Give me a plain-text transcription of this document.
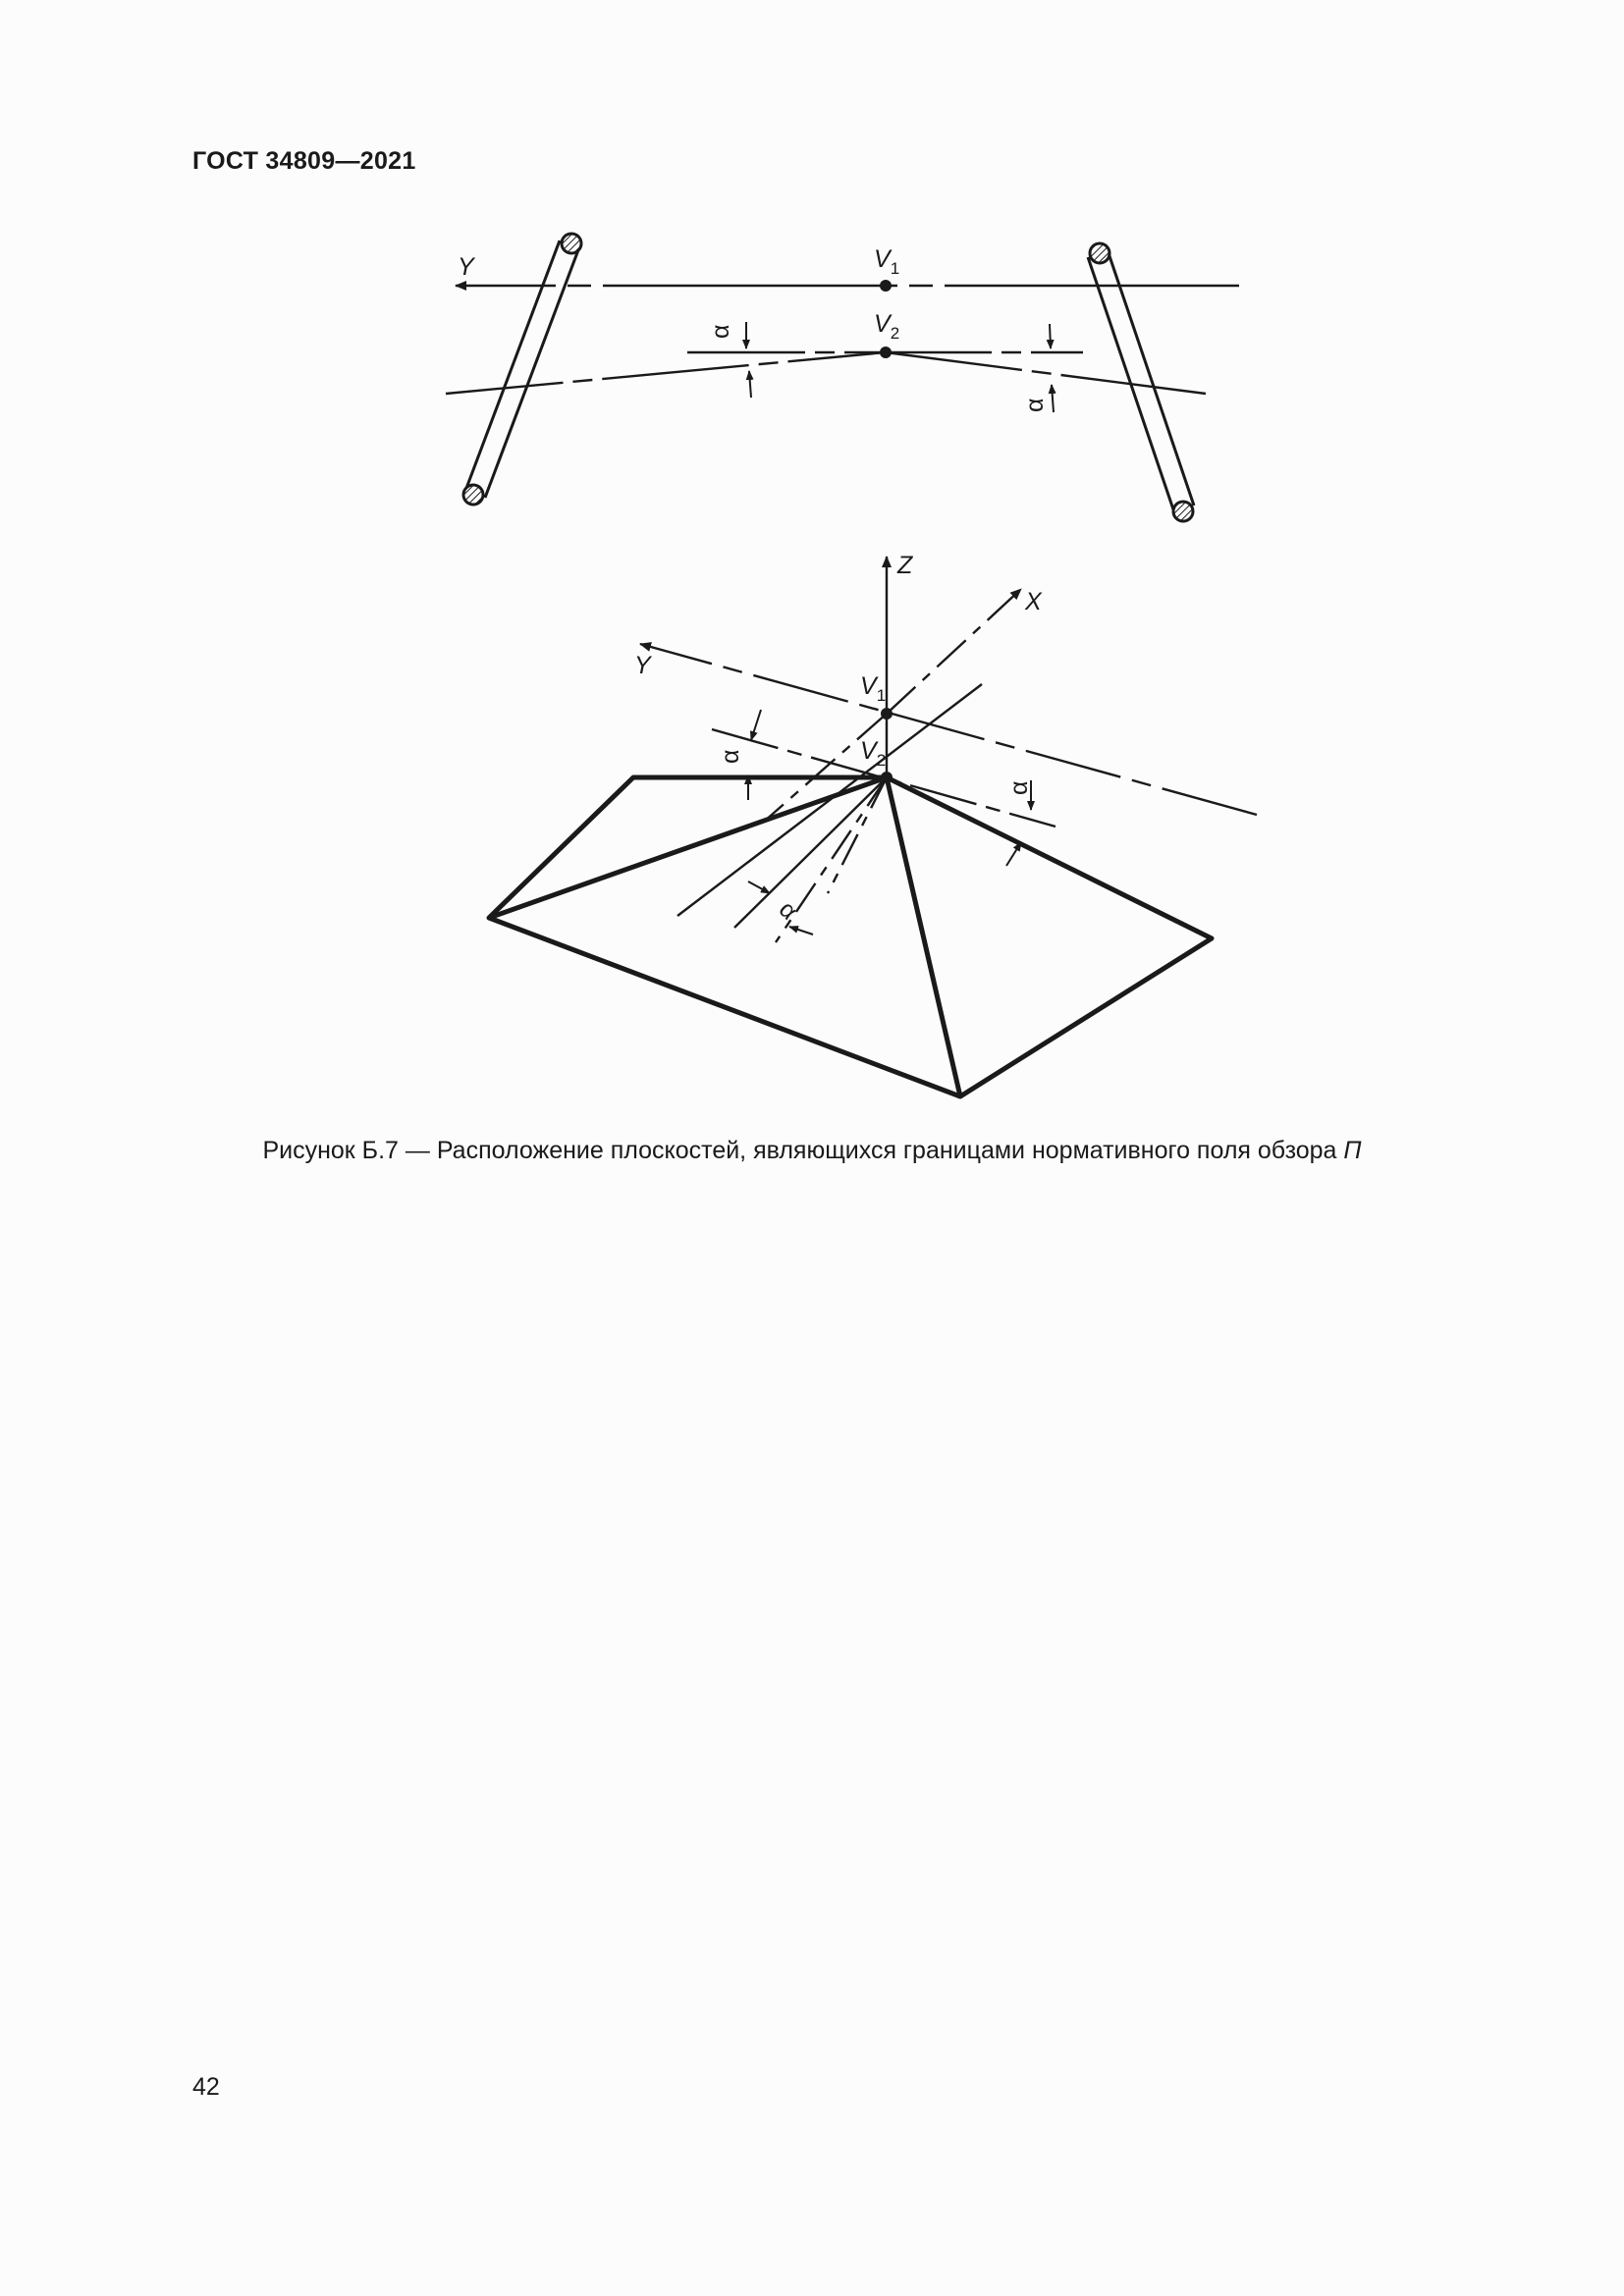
ГОСТ 34809—2021
Y	$V_1$
$V_2$
α
α
Z
X
Y
$V_1$
$V_2$
α
α
α
Рисунок Б.7 — Расположение плоскостей, являющихся границами нормативного поля обзора П
42
